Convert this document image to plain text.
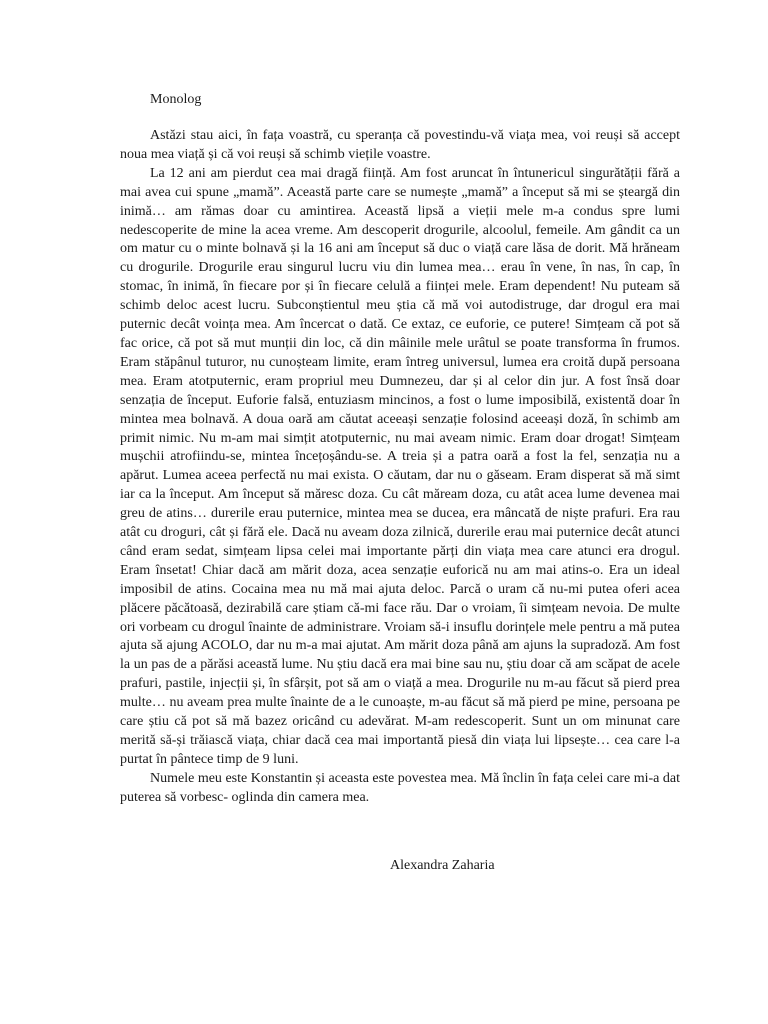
Monolog

Astăzi stau aici, în fața voastră, cu speranța că povestindu-vă viața mea, voi reuși să accept noua mea viață și că voi reuși să schimb viețile voastre.

La 12 ani am pierdut cea mai dragă ființă. Am fost aruncat în întunericul singurătății fără a mai avea cui spune „mamă”. Această parte care se numește „mamă” a început să mi se șteargă din inimă… am rămas doar cu amintirea. Această lipsă a vieții mele m-a condus spre lumi nedescoperite de mine la acea vreme. Am descoperit drogurile, alcoolul, femeile. Am gândit ca un om matur cu o minte bolnavă și la 16 ani am început să duc o viață care lăsa de dorit. Mă hrăneam cu drogurile. Drogurile erau singurul lucru viu din lumea mea… erau în vene, în nas, în cap, în stomac, în inimă, în fiecare por și în fiecare celulă a ființei mele. Eram dependent! Nu puteam să schimb deloc acest lucru. Subconștientul meu știa că mă voi autodistruge, dar drogul era mai puternic decât voința mea. Am încercat o dată. Ce extaz, ce euforie, ce putere! Simțeam că pot să fac orice, că pot să mut munții din loc, că din mâinile mele urâtul se poate transforma în frumos. Eram stăpânul tuturor, nu cunoșteam limite, eram întreg universul, lumea era croită după persoana mea. Eram atotputernic, eram propriul meu Dumnezeu, dar și al celor din jur. A fost însă doar senzația de început. Euforie falsă, entuziasm mincinos, a fost o lume imposibilă, existentă doar în mintea mea bolnavă. A doua oară am căutat aceeași senzație folosind aceeași doză, în schimb am primit nimic. Nu m-am mai simțit atotputernic, nu mai aveam nimic. Eram doar drogat! Simțeam mușchii atrofiindu-se, mintea încețoșându-se. A treia și a patra oară a fost la fel, senzația nu a apărut. Lumea aceea perfectă nu mai exista. O căutam, dar nu o găseam. Eram disperat să mă simt iar ca la început. Am început să măresc doza. Cu cât măream doza, cu atât acea lume devenea mai greu de atins… durerile erau puternice, mintea mea se ducea, era mâncată de niște prafuri. Era rau atât cu droguri, cât și fără ele. Dacă nu aveam doza zilnică, durerile erau mai puternice decât atunci când eram sedat, simțeam lipsa celei mai importante părți din viața mea care atunci era drogul. Eram însetat! Chiar dacă am mărit doza, acea senzație euforică nu am mai atins-o. Era un ideal imposibil de atins. Cocaina mea nu mă mai ajuta deloc. Parcă o uram că nu-mi putea oferi acea plăcere păcătoasă, dezirabilă care știam că-mi face rău. Dar o vroiam, îi simțeam nevoia. De multe ori vorbeam cu drogul înainte de administrare. Vroiam să-i insuflu dorințele mele pentru a mă putea ajuta să ajung ACOLO, dar nu m-a mai ajutat. Am mărit doza până am ajuns la supradoză. Am fost la un pas de a părăsi această lume. Nu știu dacă era mai bine sau nu, știu doar că am scăpat de acele prafuri, pastile, injecții și, în sfârșit, pot să am o viață a mea. Drogurile nu m-au făcut să pierd prea multe… nu aveam prea multe înainte de a le cunoaște, m-au făcut să mă pierd pe mine, persoana pe care știu că pot să mă bazez oricând cu adevărat. M-am redescoperit. Sunt un om minunat care merită să-și trăiască viața, chiar dacă cea mai importantă piesă din viața lui lipsește… cea care l-a purtat în pântece timp de 9 luni.

Numele meu este Konstantin și aceasta este povestea mea. Mă înclin în fața celei care mi-a dat puterea să vorbesc- oglinda din camera mea.

Alexandra Zaharia
